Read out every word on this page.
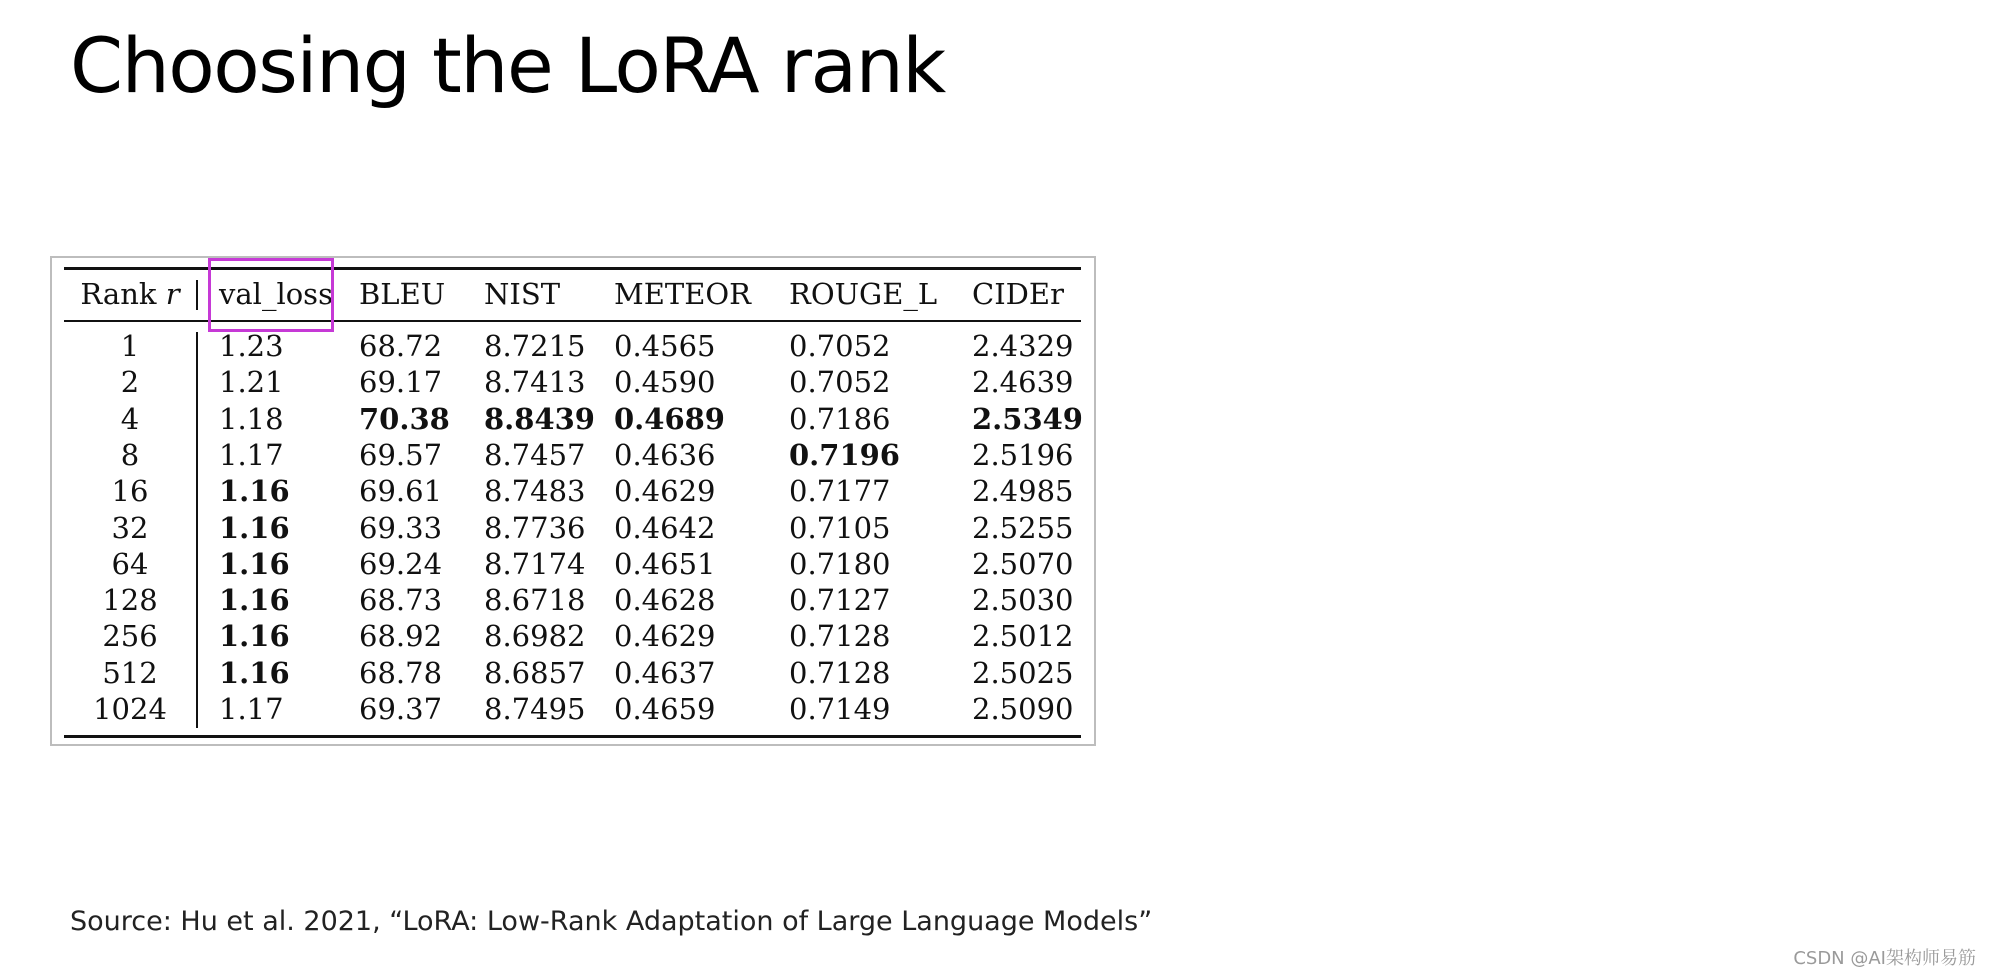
Choosing the LoRA rank
Rank r val_loss BLEU NIST METEOR ROUGE_L CIDEr
1	1.23	68.72 8.7215 0.4565	0.7052	2.4329
2	1.21	69.17 8.7413 0.4590	0.7052	2.4639
4	1.18	70.38 8.8439 0.4689 0.7186	2.5349
8	1.17	69.57 8.7457 0.4636	0.7196 2.5196
16 1.16 69.61 8.7483 0.4629	0.7177	2.4985
32 1.16 69.33 8.7736 0.4642	0.7105	2.5255
64 1.16 69.24 8.7174 0.4651	0.7180	2.5070
128 1.16 68.73 8.6718 0.4628	0.7127	2.5030
256 1.16 68.92 8.6982 0.4629	0.7128	2.5012
512 1.16 68.78 8.6857 0.4637	0.7128	2.5025
1024 1.17	69.37 8.7495 0.4659	0.7149	2.5090
Source: Hu et al. 2021, “LoRA: Low-Rank Adaptation of Large Language Models”
CSDN @AI架构师易筋
